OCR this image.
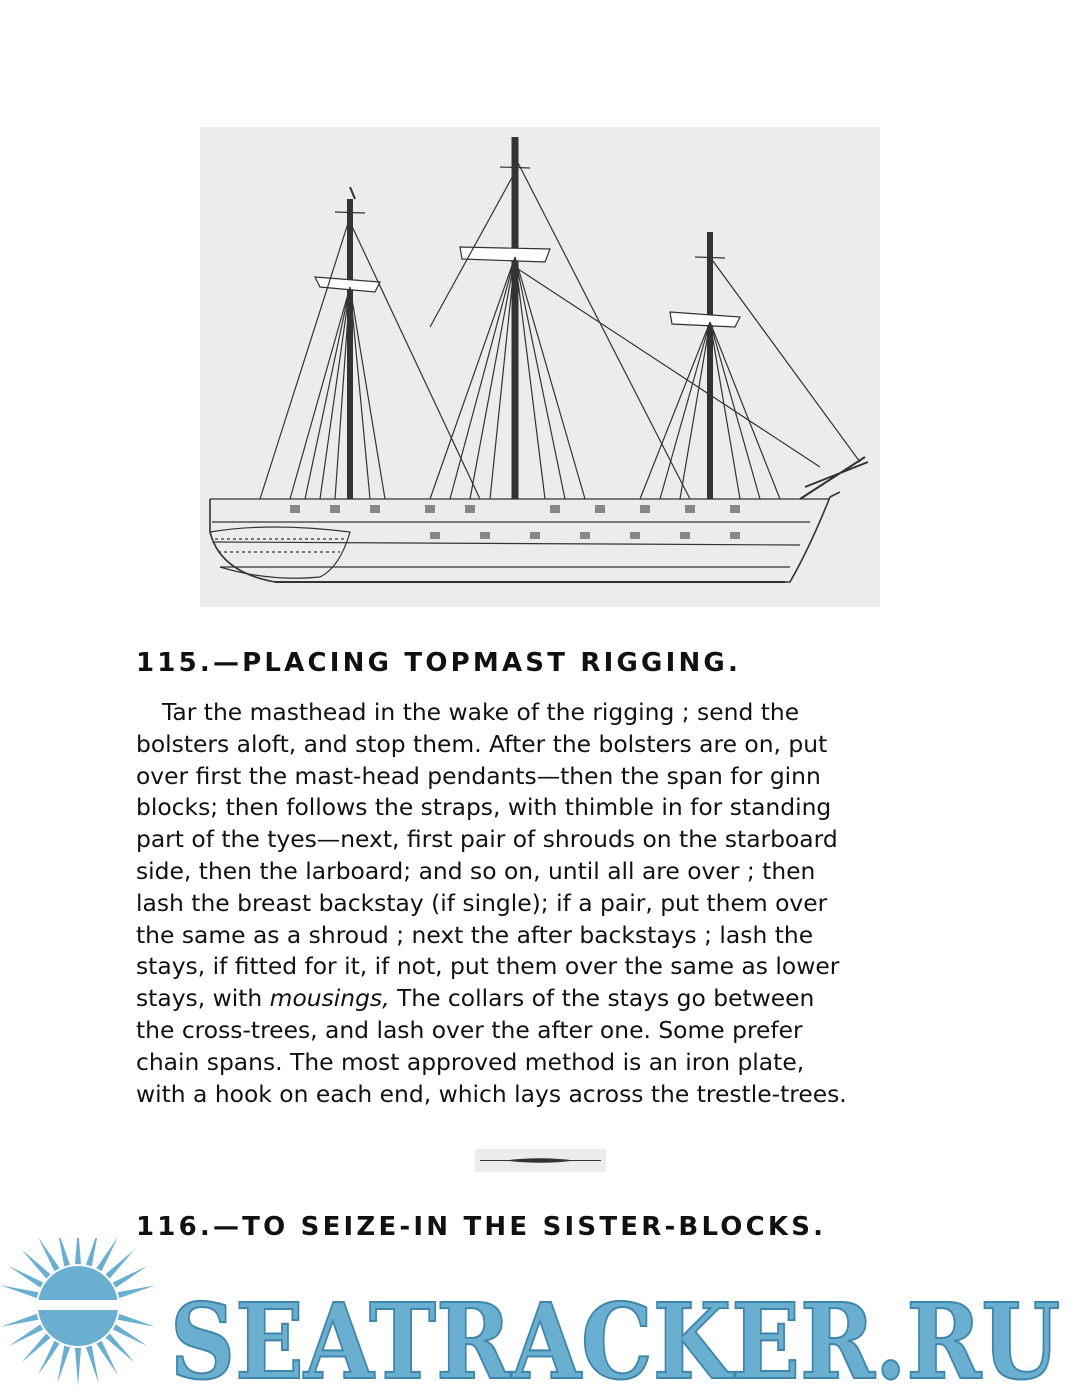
115.—PLACING TOPMAST RIGGING.
Tar the masthead in the wake of the rigging ; send the
bolsters aloft, and stop them. After the bolsters are on, put
over first the mast-head pendants—then the span for ginn
blocks; then follows the straps, with thimble in for standing
part of the tyes—next, first pair of shrouds on the starboard
side, then the larboard; and so on, until all are over ; then
lash the breast backstay (if single); if a pair, put them over
the same as a shroud ; next the after backstays ; lash the
stays, if fitted for it, if not, put them over the same as lower
stays, with mousings, The collars of the stays go between
the cross-trees, and lash over the after one. Some prefer
chain spans. The most approved method is an iron plate,
with a hook on each end, which lays across the trestle-trees.
116.—TO SEIZE-IN THE SISTER-BLOCKS.
SEATRACKER.RU
